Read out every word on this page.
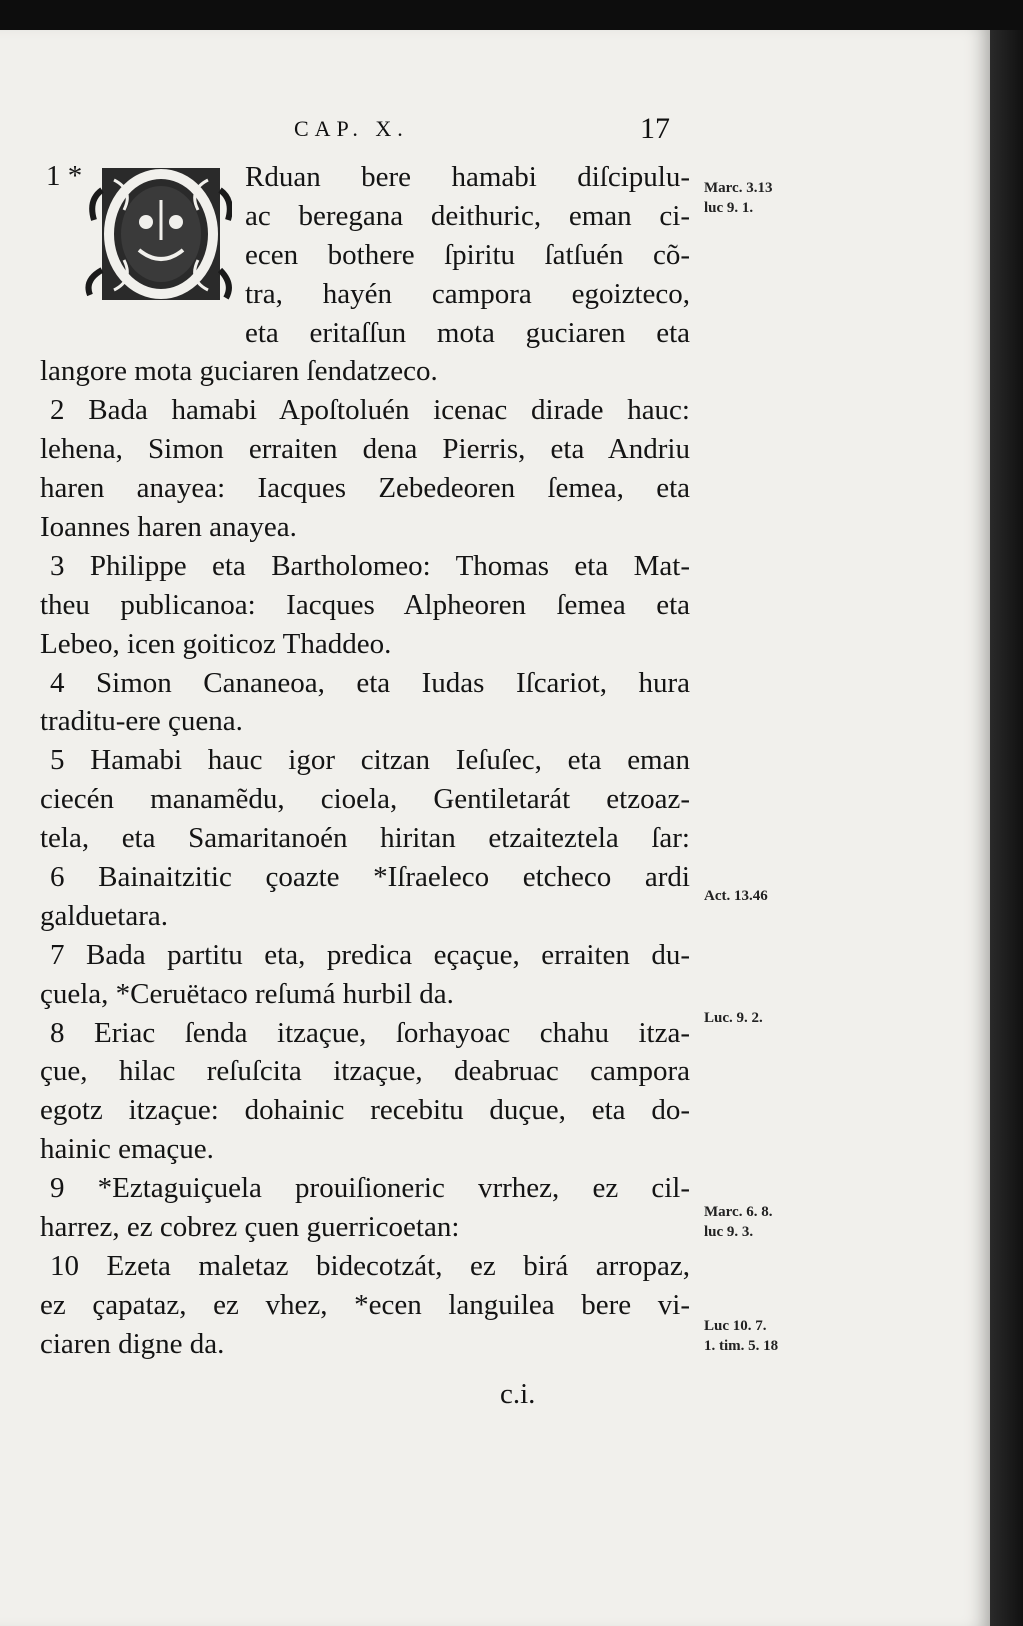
CAP. X.	17
1 *	Rduan bere hamabi diſcipulu-
ac beregana deithuric, eman ci-
ecen bothere ſpiritu ſatſuén cõ-
tra, hayén campora egoizteco,
eta eritaſſun mota guciaren eta
langore mota guciaren ſendatzeco.
2 Bada hamabi Apoſtoluén icenac dirade hauc:
lehena, Simon erraiten dena Pierris, eta Andriu
haren anayea: Iacques Zebedeoren ſemea, eta
Ioannes haren anayea.
3 Philippe eta Bartholomeo: Thomas eta Mat-
theu publicanoa: Iacques Alpheoren ſemea eta
Lebeo, icen goiticoz Thaddeo.
4 Simon Cananeoa, eta Iudas Iſcariot, hura
traditu-ere çuena.
5 Hamabi hauc igor citzan Ieſuſec, eta eman
ciecén manamẽdu, cioela, Gentiletarát etzoaz-
tela, eta Samaritanoén hiritan etzaiteztela ſar:
6 Bainaitzitic çoazte *Iſraeleco etcheco ardi
galduetara.
7 Bada partitu eta, predica eçaçue, erraiten du-
çuela, *Ceruëtaco reſumá hurbil da.
8 Eriac ſenda itzaçue, ſorhayoac chahu itza-
çue, hilac reſuſcita itzaçue, deabruac campora
egotz itzaçue: dohainic recebitu duçue, eta do-
hainic emaçue.
9 *Eztaguiçuela prouiſioneric vrrhez, ez cil-
harrez, ez cobrez çuen guerricoetan:
10 Ezeta maletaz bidecotzát, ez birá arropaz,
ez çapataz, ez vhez, *ecen languilea bere vi-
ciaren digne da.
Marc. 3.13
luc 9. 1.
Act. 13.46
Luc. 9. 2.
Marc. 6. 8.
luc 9. 3.
Luc 10. 7.
1. tim. 5. 18
c.i.
